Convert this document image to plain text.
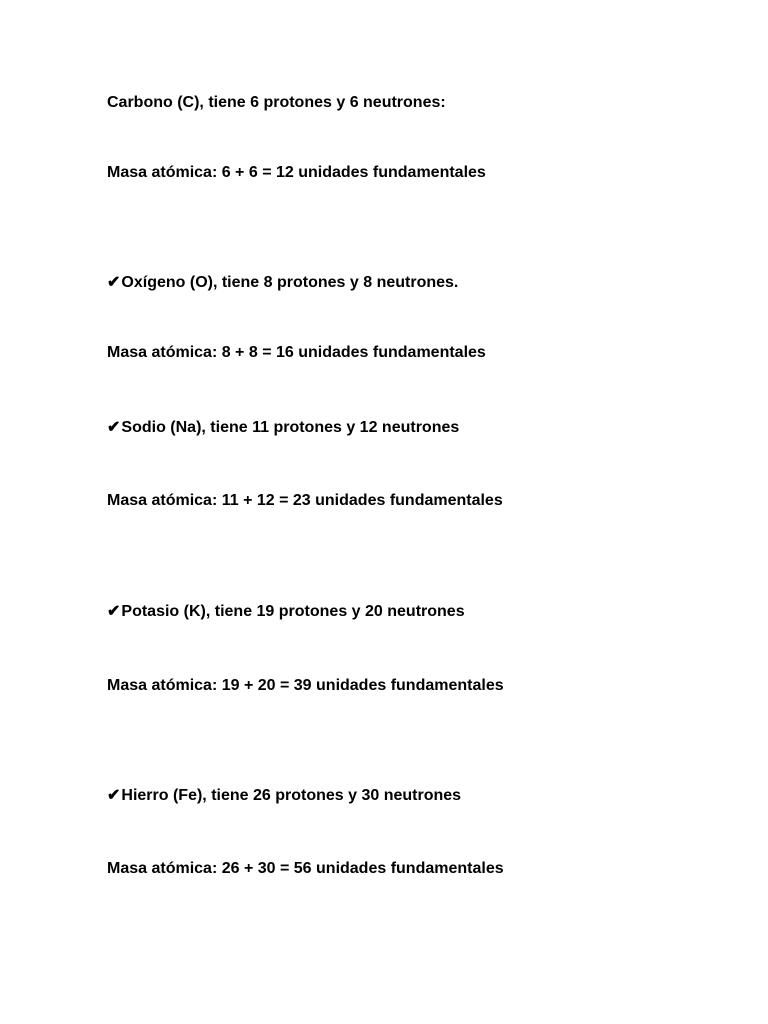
Carbono (C), tiene 6 protones y 6 neutrones:
Masa atómica: 6 + 6 = 12 unidades fundamentales
✔Oxígeno (O), tiene 8 protones y 8 neutrones.
Masa atómica: 8 + 8 = 16 unidades fundamentales
✔Sodio (Na), tiene 11 protones y 12 neutrones
Masa atómica: 11 + 12 = 23 unidades fundamentales
✔Potasio (K), tiene 19 protones y 20 neutrones
Masa atómica: 19 + 20 = 39 unidades fundamentales
✔Hierro (Fe), tiene 26 protones y 30 neutrones
Masa atómica: 26 + 30 = 56 unidades fundamentales
